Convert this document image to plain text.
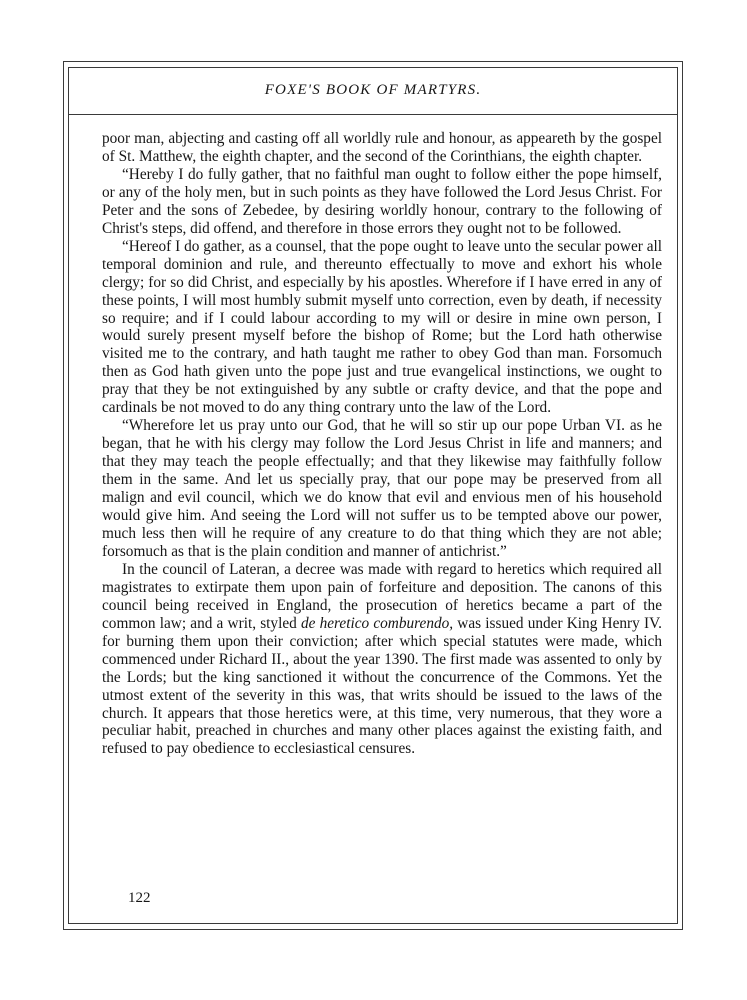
FOXE'S BOOK OF MARTYRS.

poor man, abjecting and casting off all worldly rule and honour, as appeareth by the gospel of St. Matthew, the eighth chapter, and the second of the Corinthians, the eighth chapter.

“Hereby I do fully gather, that no faithful man ought to follow either the pope himself, or any of the holy men, but in such points as they have followed the Lord Jesus Christ. For Peter and the sons of Zebedee, by desiring worldly honour, contrary to the following of Christ's steps, did offend, and therefore in those errors they ought not to be followed.

“Hereof I do gather, as a counsel, that the pope ought to leave unto the secular power all temporal dominion and rule, and thereunto effectually to move and exhort his whole clergy; for so did Christ, and especially by his apostles. Wherefore if I have erred in any of these points, I will most humbly submit myself unto correction, even by death, if necessity so require; and if I could labour according to my will or desire in mine own person, I would surely present myself before the bishop of Rome; but the Lord hath otherwise visited me to the contrary, and hath taught me rather to obey God than man. Forsomuch then as God hath given unto the pope just and true evangelical instinctions, we ought to pray that they be not extinguished by any subtle or crafty device, and that the pope and cardinals be not moved to do any thing contrary unto the law of the Lord.

“Wherefore let us pray unto our God, that he will so stir up our pope Urban VI. as he began, that he with his clergy may follow the Lord Jesus Christ in life and manners; and that they may teach the people effectually; and that they likewise may faithfully follow them in the same. And let us specially pray, that our pope may be preserved from all malign and evil council, which we do know that evil and envious men of his household would give him. And seeing the Lord will not suffer us to be tempted above our power, much less then will he require of any creature to do that thing which they are not able; forsomuch as that is the plain condition and manner of antichrist.”

In the council of Lateran, a decree was made with regard to heretics which required all magistrates to extirpate them upon pain of forfeiture and deposition. The canons of this council being received in England, the prosecution of heretics became a part of the common law; and a writ, styled de heretico comburendo, was issued under King Henry IV. for burning them upon their conviction; after which special statutes were made, which commenced under Richard II., about the year 1390. The first made was assented to only by the Lords; but the king sanctioned it without the concurrence of the Commons. Yet the utmost extent of the severity in this was, that writs should be issued to the laws of the church. It appears that those heretics were, at this time, very numerous, that they wore a peculiar habit, preached in churches and many other places against the existing faith, and refused to pay obedience to ecclesiastical censures.

122
